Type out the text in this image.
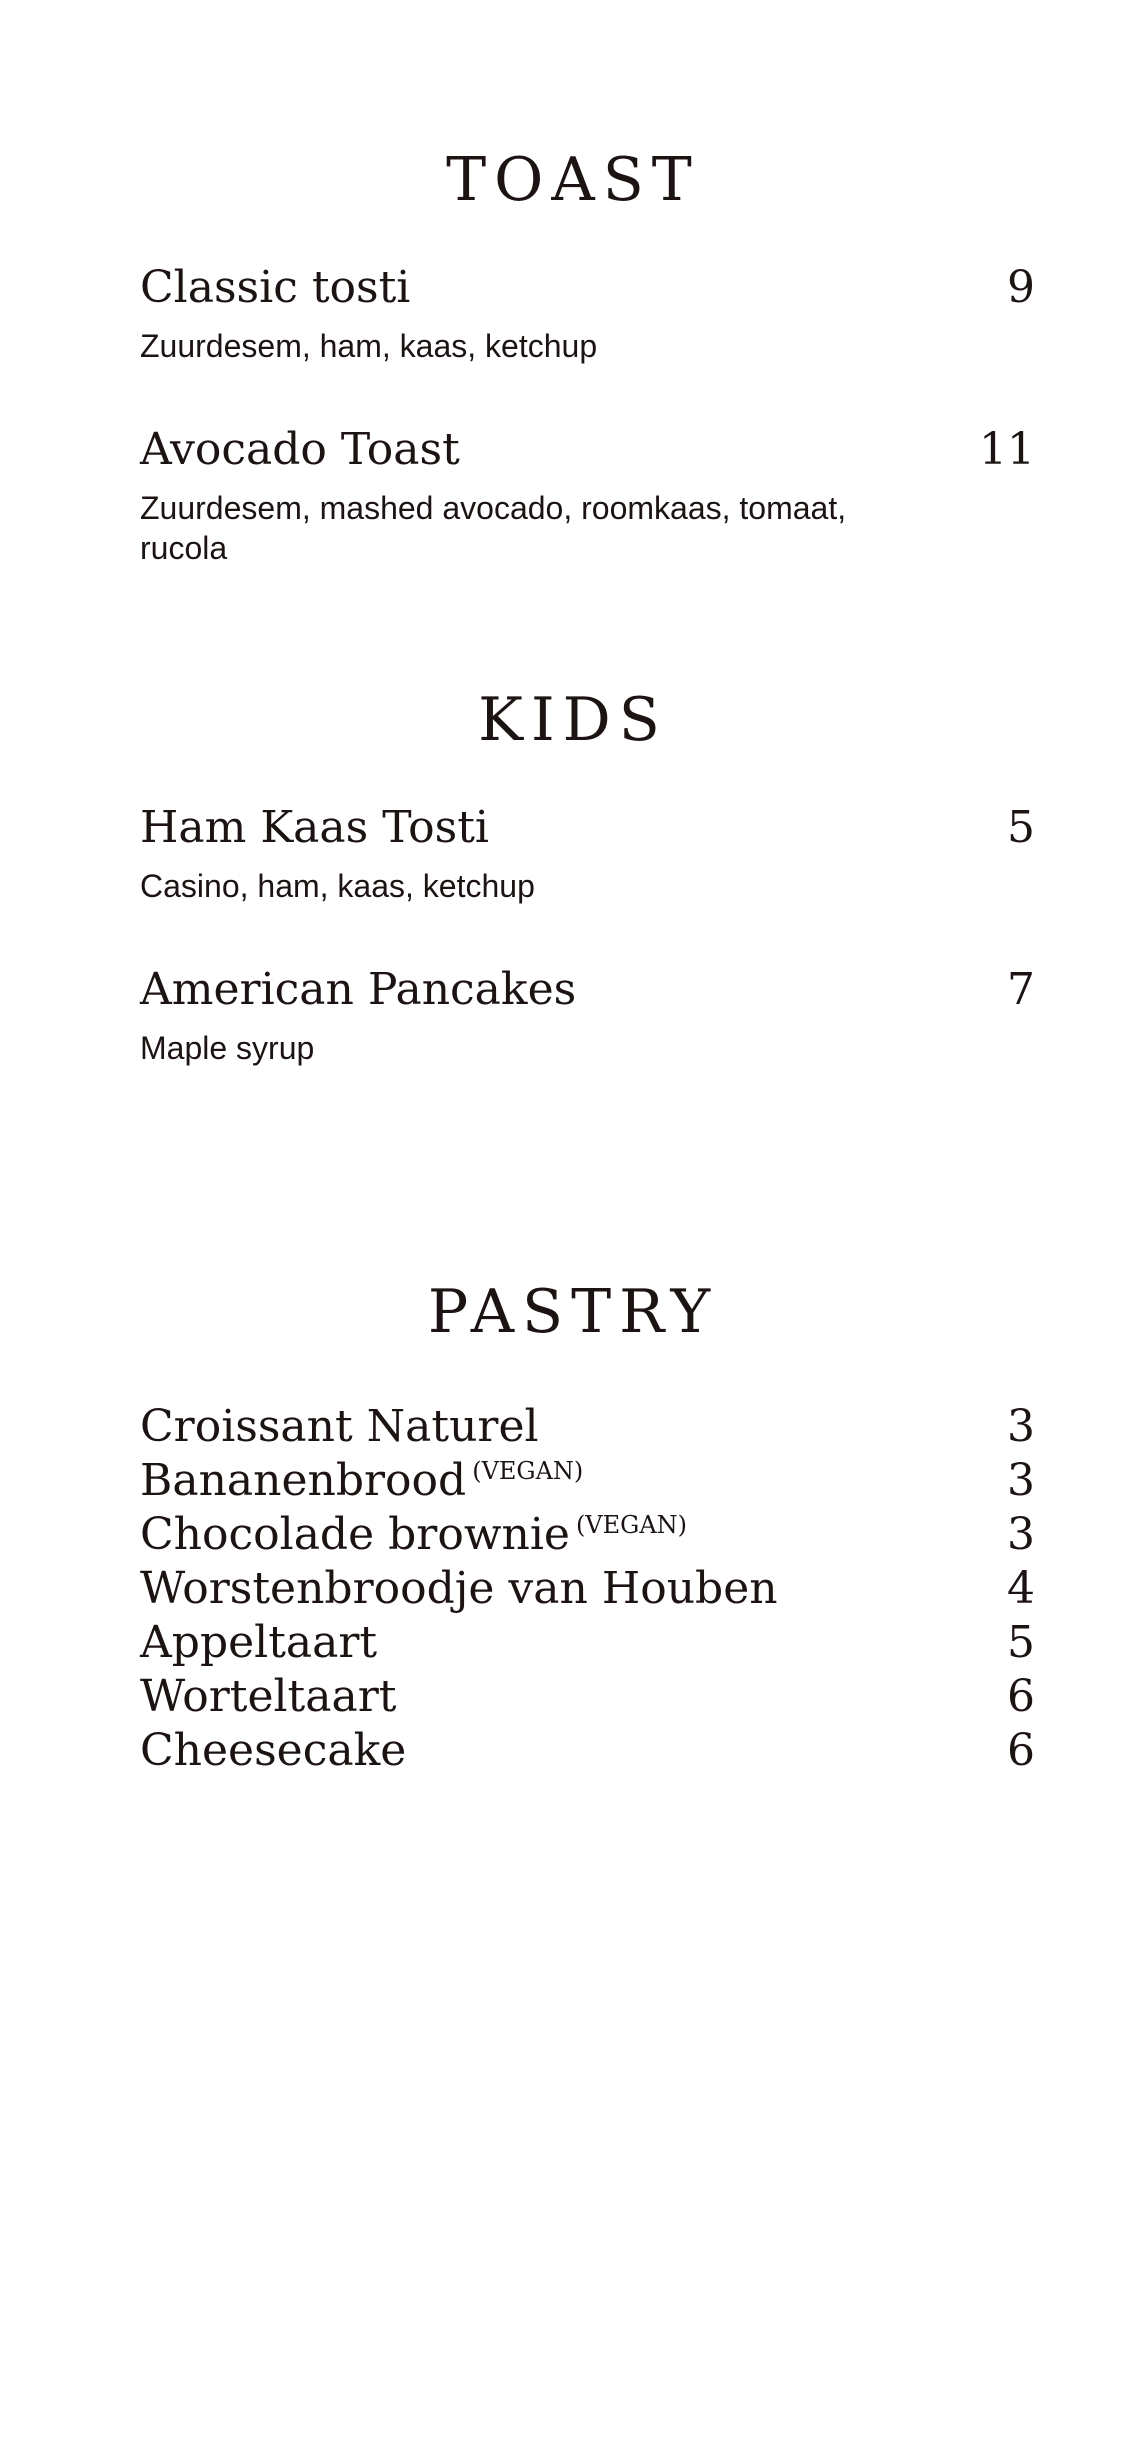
TOAST
Classic tosti	9
Zuurdesem, ham, kaas, ketchup
Avocado Toast	11
Zuurdesem, mashed avocado, roomkaas, tomaat, rucola
KIDS
Ham Kaas Tosti	5
Casino, ham, kaas, ketchup
American Pancakes	7
Maple syrup
PASTRY
Croissant Naturel	3
Bananenbrood $^{(VEGAN)}$	3
Chocolade brownie $^{(VEGAN)}$	3
Worstenbroodje van Houben	4
Appeltaart	5
Worteltaart	6
Cheesecake	6
